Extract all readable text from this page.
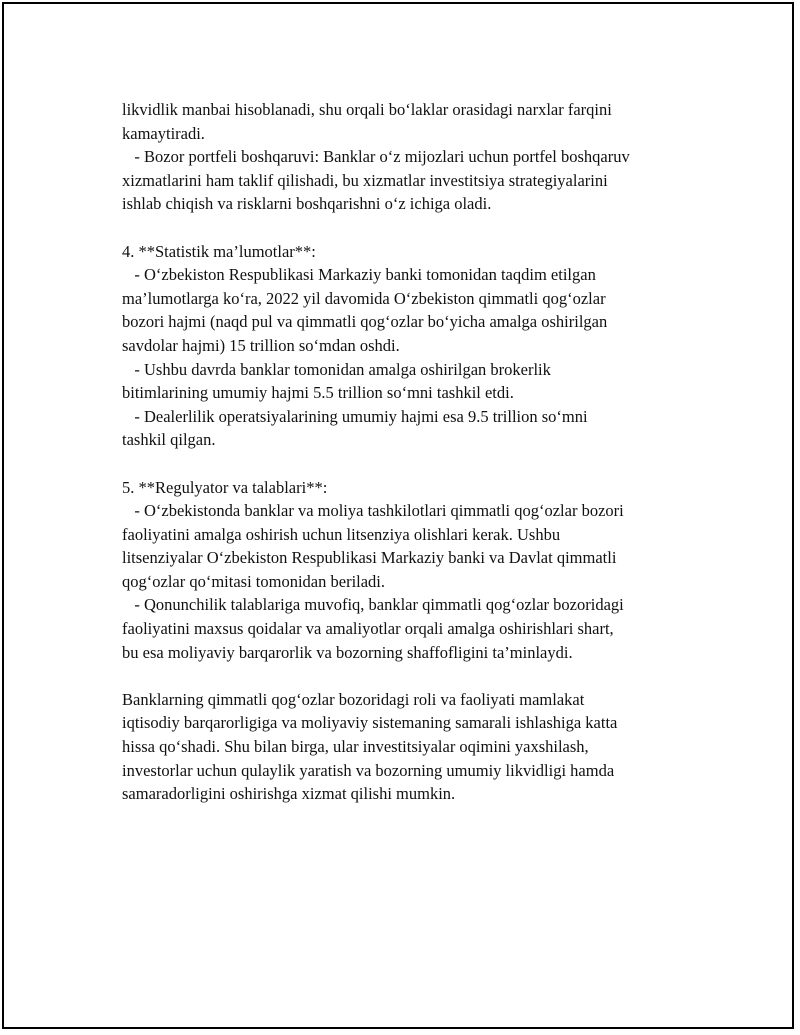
likvidlik manbai hisoblanadi, shu orqali bo‘laklar orasidagi narxlar farqini
kamaytiradi.
- Bozor portfeli boshqaruvi: Banklar o‘z mijozlari uchun portfel boshqaruv
xizmatlarini ham taklif qilishadi, bu xizmatlar investitsiya strategiyalarini
ishlab chiqish va risklarni boshqarishni o‘z ichiga oladi.
4. **Statistik ma’lumotlar**:
- O‘zbekiston Respublikasi Markaziy banki tomonidan taqdim etilgan
ma’lumotlarga ko‘ra, 2022 yil davomida O‘zbekiston qimmatli qog‘ozlar
bozori hajmi (naqd pul va qimmatli qog‘ozlar bo‘yicha amalga oshirilgan
savdolar hajmi) 15 trillion so‘mdan oshdi.
- Ushbu davrda banklar tomonidan amalga oshirilgan brokerlik
bitimlarining umumiy hajmi 5.5 trillion so‘mni tashkil etdi.
- Dealerlilik operatsiyalarining umumiy hajmi esa 9.5 trillion so‘mni
tashkil qilgan.
5. **Regulyator va talablari**:
- O‘zbekistonda banklar va moliya tashkilotlari qimmatli qog‘ozlar bozori
faoliyatini amalga oshirish uchun litsenziya olishlari kerak. Ushbu
litsenziyalar O‘zbekiston Respublikasi Markaziy banki va Davlat qimmatli
qog‘ozlar qo‘mitasi tomonidan beriladi.
- Qonunchilik talablariga muvofiq, banklar qimmatli qog‘ozlar bozoridagi
faoliyatini maxsus qoidalar va amaliyotlar orqali amalga oshirishlari shart,
bu esa moliyaviy barqarorlik va bozorning shaffofligini ta’minlaydi.
Banklarning qimmatli qog‘ozlar bozoridagi roli va faoliyati mamlakat
iqtisodiy barqarorligiga va moliyaviy sistemaning samarali ishlashiga katta
hissa qo‘shadi. Shu bilan birga, ular investitsiyalar oqimini yaxshilash,
investorlar uchun qulaylik yaratish va bozorning umumiy likvidligi hamda
samaradorligini oshirishga xizmat qilishi mumkin.
